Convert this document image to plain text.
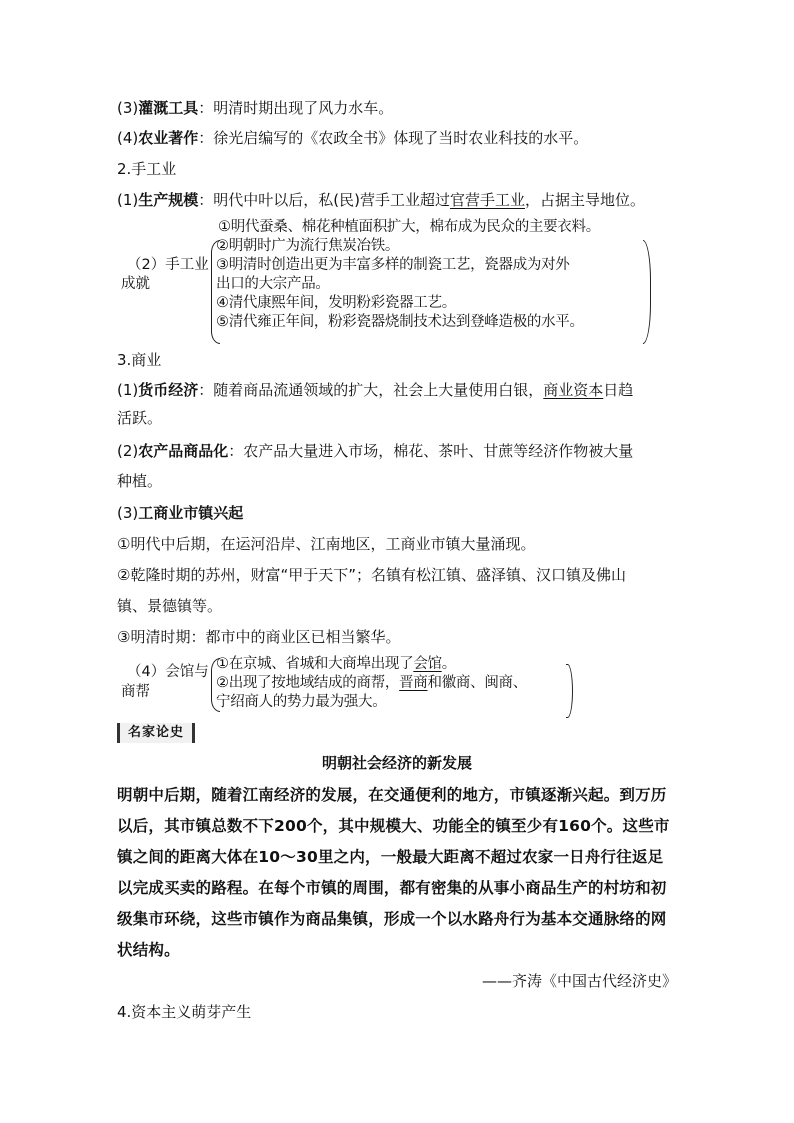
(3)灌溉工具：明清时期出现了风力水车。
(4)农业著作：徐光启编写的《农政全书》体现了当时农业科技的水平。
2.手工业
(1)生产规模：明代中叶以后，私(民)营手工业超过官营手工业，占据主导地位。
（2）手工业
成就
①明代蚕桑、棉花种植面积扩大，棉布成为民众的主要衣料。
②明朝时广为流行焦炭冶铁。
③明清时创造出更为丰富多样的制瓷工艺，瓷器成为对外
出口的大宗产品。
④清代康熙年间，发明粉彩瓷器工艺。
⑤清代雍正年间，粉彩瓷器烧制技术达到登峰造极的水平。
3.商业
(1)货币经济：随着商品流通领域的扩大，社会上大量使用白银，商业资本日趋
活跃。
(2)农产品商品化：农产品大量进入市场，棉花、茶叶、甘蔗等经济作物被大量
种植。
(3)工商业市镇兴起
①明代中后期，在运河沿岸、江南地区，工商业市镇大量涌现。
②乾隆时期的苏州，财富“甲于天下”；名镇有松江镇、盛泽镇、汉口镇及佛山
镇、景德镇等。
③明清时期：都市中的商业区已相当繁华。
（4）会馆与
商帮
①在京城、省城和大商埠出现了会馆。
②出现了按地域结成的商帮，晋商和徽商、闽商、
宁绍商人的势力最为强大。
名家论史
明朝社会经济的新发展
明朝中后期，随着江南经济的发展，在交通便利的地方，市镇逐渐兴起。到万历
以后，其市镇总数不下200个，其中规模大、功能全的镇至少有160个。这些市
镇之间的距离大体在10～30里之内，一般最大距离不超过农家一日舟行往返足
以完成买卖的路程。在每个市镇的周围，都有密集的从事小商品生产的村坊和初
级集市环绕，这些市镇作为商品集镇，形成一个以水路舟行为基本交通脉络的网
状结构。
——齐涛《中国古代经济史》
4.资本主义萌芽产生
